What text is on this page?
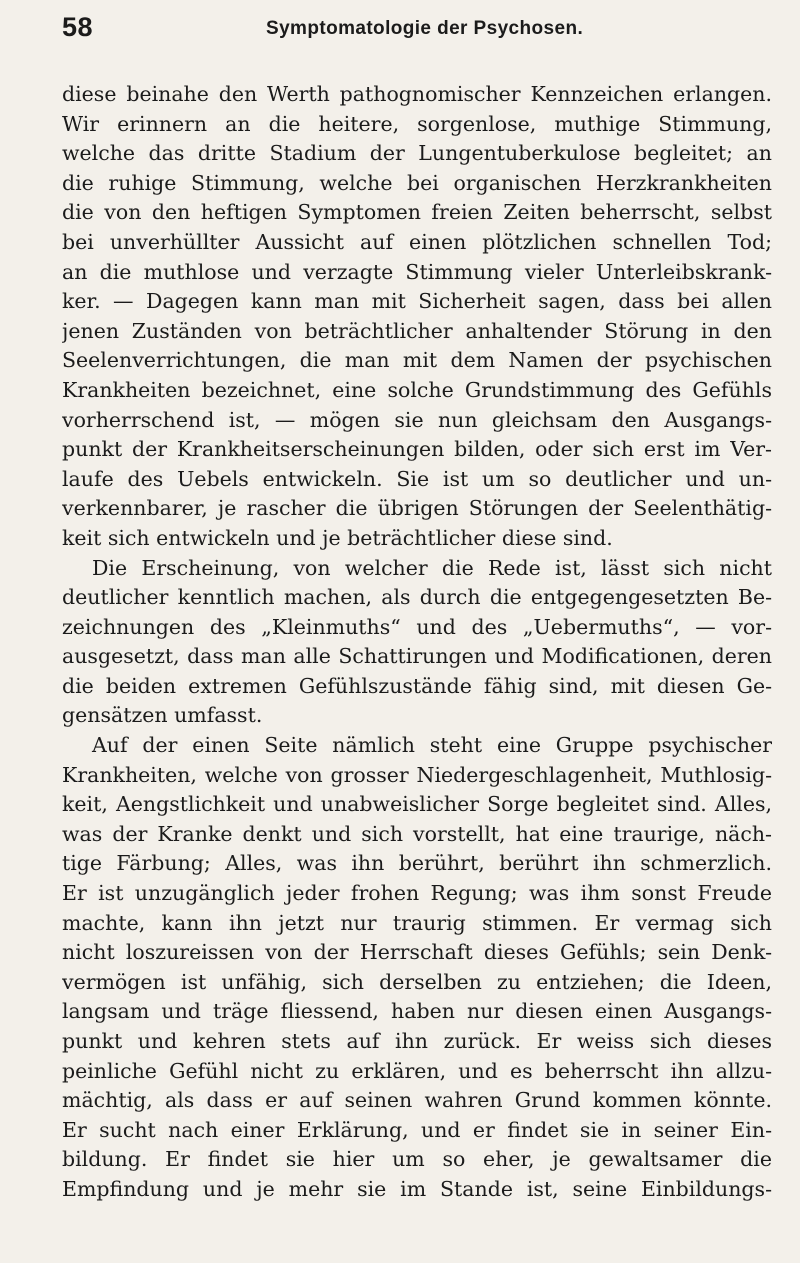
58	Symptomatologie der Psychosen.
diese beinahe den Werth pathognomischer Kennzeichen erlangen.
Wir erinnern an die heitere, sorgenlose, muthige Stimmung,
welche das dritte Stadium der Lungentuberkulose begleitet; an
die ruhige Stimmung, welche bei organischen Herzkrankheiten
die von den heftigen Symptomen freien Zeiten beherrscht, selbst
bei unverhüllter Aussicht auf einen plötzlichen schnellen Tod;
an die muthlose und verzagte Stimmung vieler Unterleibskrank-
ker. — Dagegen kann man mit Sicherheit sagen, dass bei allen
jenen Zuständen von beträchtlicher anhaltender Störung in den
Seelenverrichtungen, die man mit dem Namen der psychischen
Krankheiten bezeichnet, eine solche Grundstimmung des Gefühls
vorherrschend ist, — mögen sie nun gleichsam den Ausgangs-
punkt der Krankheitserscheinungen bilden, oder sich erst im Ver-
laufe des Uebels entwickeln. Sie ist um so deutlicher und un-
verkennbarer, je rascher die übrigen Störungen der Seelenthätig-
keit sich entwickeln und je beträchtlicher diese sind.
Die Erscheinung, von welcher die Rede ist, lässt sich nicht
deutlicher kenntlich machen, als durch die entgegengesetzten Be-
zeichnungen des „Kleinmuths“ und des „Uebermuths“, — vor-
ausgesetzt, dass man alle Schattirungen und Modificationen, deren
die beiden extremen Gefühlszustände fähig sind, mit diesen Ge-
gensätzen umfasst.
Auf der einen Seite nämlich steht eine Gruppe psychischer
Krankheiten, welche von grosser Niedergeschlagenheit, Muthlosig-
keit, Aengstlichkeit und unabweislicher Sorge begleitet sind. Alles,
was der Kranke denkt und sich vorstellt, hat eine traurige, näch-
tige Färbung; Alles, was ihn berührt, berührt ihn schmerzlich.
Er ist unzugänglich jeder frohen Regung; was ihm sonst Freude
machte, kann ihn jetzt nur traurig stimmen. Er vermag sich
nicht loszureissen von der Herrschaft dieses Gefühls; sein Denk-
vermögen ist unfähig, sich derselben zu entziehen; die Ideen,
langsam und träge fliessend, haben nur diesen einen Ausgangs-
punkt und kehren stets auf ihn zurück. Er weiss sich dieses
peinliche Gefühl nicht zu erklären, und es beherrscht ihn allzu-
mächtig, als dass er auf seinen wahren Grund kommen könnte.
Er sucht nach einer Erklärung, und er findet sie in seiner Ein-
bildung. Er findet sie hier um so eher, je gewaltsamer die
Empfindung und je mehr sie im Stande ist, seine Einbildungs-
